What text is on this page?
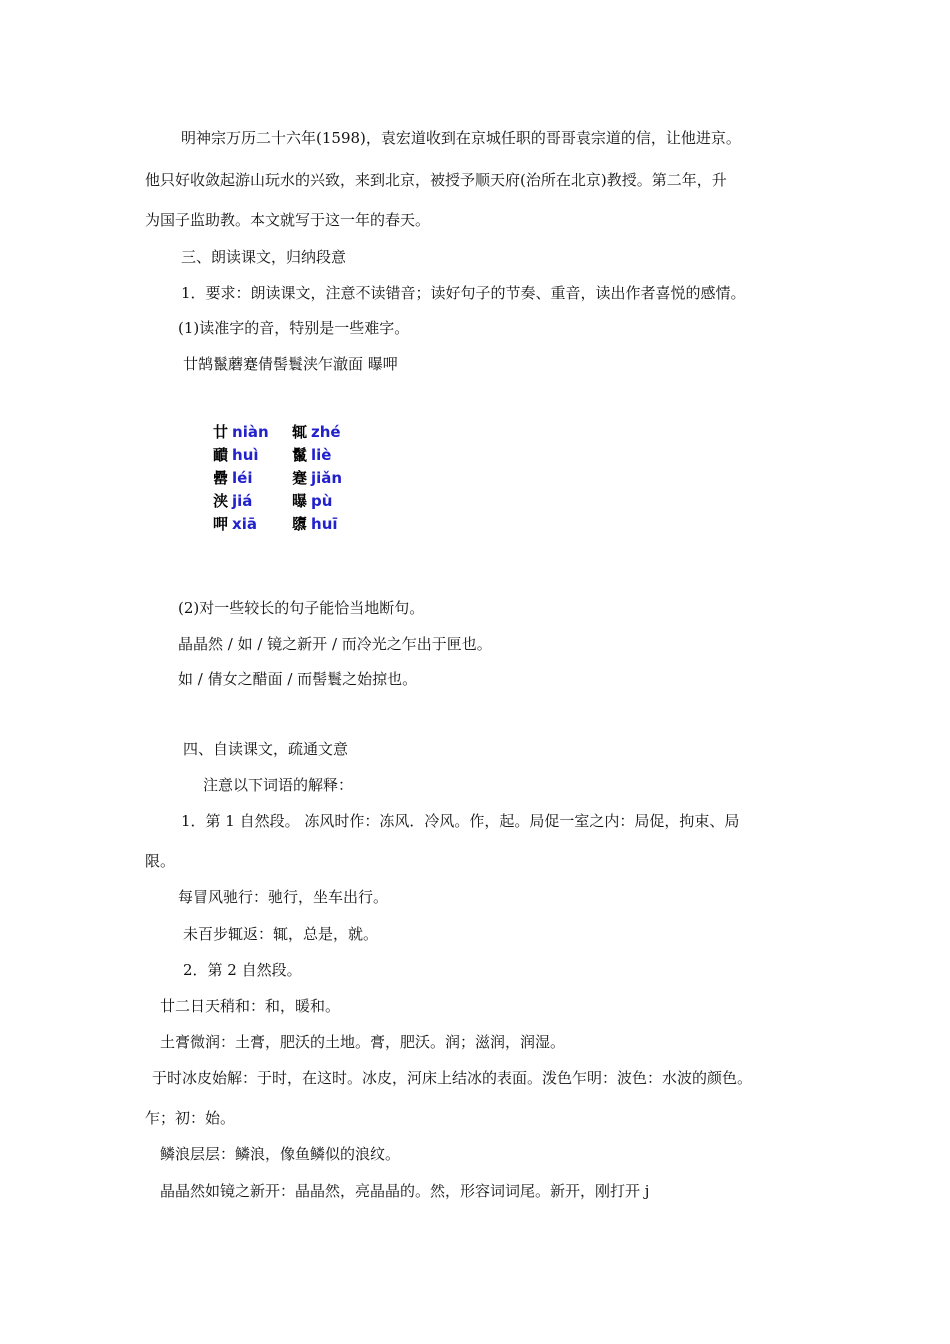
明神宗万历二十六年(1598)，袁宏道收到在京城任职的哥哥袁宗道的信，让他进京。
他只好收敛起游山玩水的兴致，来到北京，被授予顺天府(治所在北京)教授。第二年，升
为国子监助教。本文就写于这一年的春天。
三、朗读课文，归纳段意
1．要求：朗读课文，注意不读错音；读好句子的节奏、重音，读出作者喜悦的感情。
(1)读准字的音，特别是一些难字。
廿鹄鬣蘑蹇倩髻鬟浃乍澈面 曝呷
廿 niàn 辄 zhé
靧 huì 鬣 liè
罍 léi	蹇 jiǎn
浃 jiá	曝 pù
呷 xiā 隳 huī
(2)对一些较长的句子能恰当地断句。
晶晶然 / 如 / 镜之新开 / 而冷光之乍出于匣也。
如 / 倩女之醋面 / 而髻鬟之始掠也。
四、自读课文，疏通文意
注意以下词语的解释：
1．第 1 自然段。 冻风时作：冻风．冷风。作，起。局促一室之内：局促，拘束、局
限。
每冒风驰行：驰行，坐车出行。
未百步辄返：辄，总是，就。
2．第 2 自然段。
廿二日天稍和：和，暖和。
土膏微润：土膏，肥沃的土地。膏，肥沃。润；滋润，润湿。
于时冰皮始解：于时，在这时。冰皮，河床上结冰的表面。泼色乍明：波色：水波的颜色。
乍；初：始。
鳞浪层层：鳞浪，像鱼鳞似的浪纹。
晶晶然如镜之新开：晶晶然，亮晶晶的。然，形容词词尾。新开，刚打开 j
